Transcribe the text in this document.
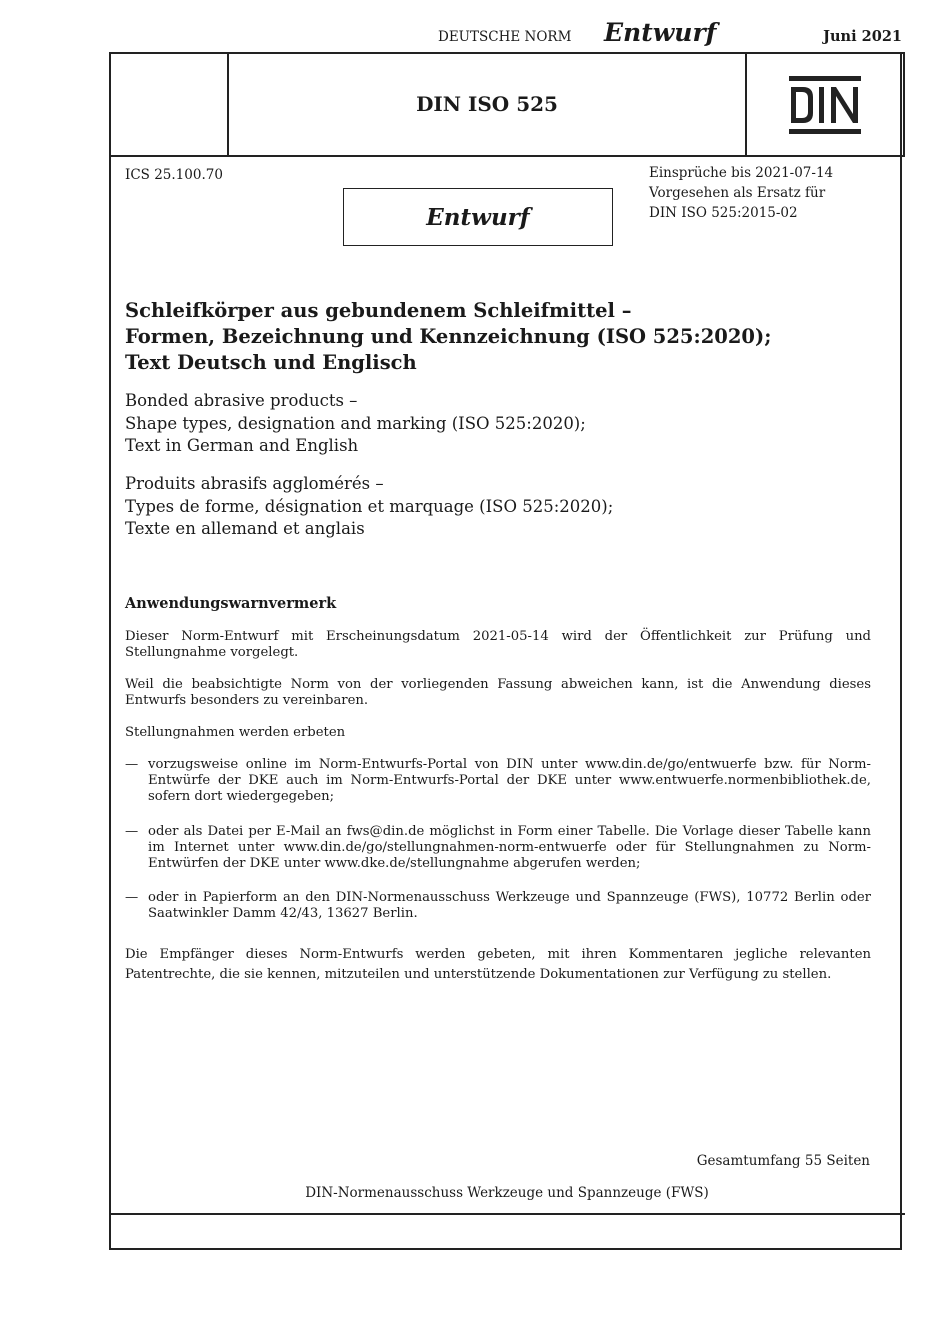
DEUTSCHE NORM Entwurf	Juni 2021
DIN ISO 525
ICS 25.100.70	Einsprüche bis 2021-07-14
Vorgesehen als Ersatz für
DIN ISO 525:2015-02
Entwurf
Schleifkörper aus gebundenem Schleifmittel –
Formen, Bezeichnung und Kennzeichnung (ISO 525:2020);
Text Deutsch und Englisch
Bonded abrasive products –
Shape types, designation and marking (ISO 525:2020);
Text in German and English
Produits abrasifs agglomérés –
Types de forme, désignation et marquage (ISO 525:2020);
Texte en allemand et anglais
Anwendungswarnvermerk
Dieser Norm-Entwurf mit Erscheinungsdatum 2021-05-14 wird der Öffentlichkeit zur Prüfung und Stellungnahme vorgelegt.
Weil die beabsichtigte Norm von der vorliegenden Fassung abweichen kann, ist die Anwendung dieses Entwurfs besonders zu vereinbaren.
Stellungnahmen werden erbeten
— vorzugsweise online im Norm-Entwurfs-Portal von DIN unter www.din.de/go/entwuerfe bzw. für Norm-Entwürfe der DKE auch im Norm-Entwurfs-Portal der DKE unter www.entwuerfe.normenbibliothek.de, sofern dort wiedergegeben;
— oder als Datei per E-Mail an fws@din.de möglichst in Form einer Tabelle. Die Vorlage dieser Tabelle kann im Internet unter www.din.de/go/stellungnahmen-norm-entwuerfe oder für Stellungnahmen zu Norm-Entwürfen der DKE unter www.dke.de/stellungnahme abgerufen werden;
— oder in Papierform an den DIN-Normenausschuss Werkzeuge und Spannzeuge (FWS), 10772 Berlin oder Saatwinkler Damm 42/43, 13627 Berlin.
Die Empfänger dieses Norm-Entwurfs werden gebeten, mit ihren Kommentaren jegliche relevanten Patentrechte, die sie kennen, mitzuteilen und unterstützende Dokumentationen zur Verfügung zu stellen.
Gesamtumfang 55 Seiten
DIN-Normenausschuss Werkzeuge und Spannzeuge (FWS)
